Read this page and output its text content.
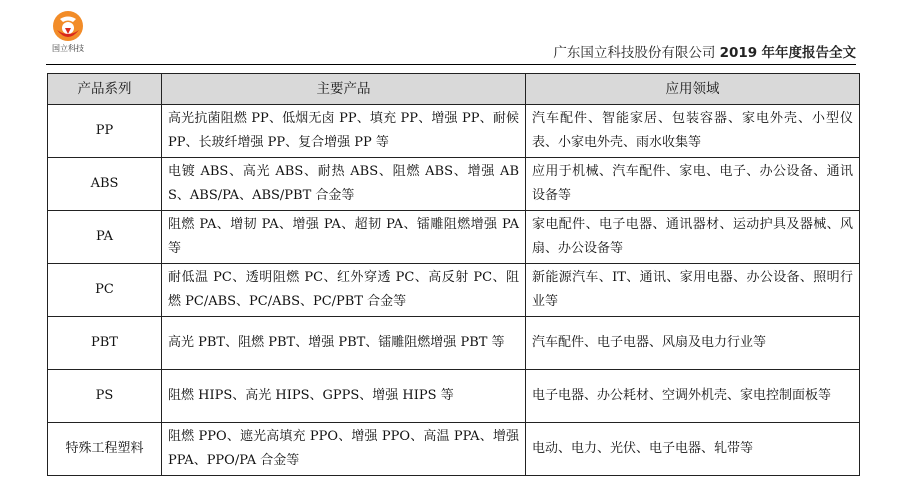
国立科技	广东国立科技股份有限公司 2019 年年度报告全文
产品系列	主要产品	应用领域
PP	高光抗菌阻燃 PP、低烟无卤 PP、填充 PP、增强 PP、耐候 PP、长玻纤增强 PP、复合增强 PP 等	汽车配件、智能家居、包装容器、家电外壳、小型仪表、小家电外壳、雨水收集等
ABS	电镀 ABS、高光 ABS、耐热 ABS、阻燃 ABS、增强 ABS、ABS/PA、ABS/PBT 合金等	应用于机械、汽车配件、家电、电子、办公设备、通讯设备等
PA	阻燃 PA、增韧 PA、增强 PA、超韧 PA、镭雕阻燃增强 PA 等	家电配件、电子电器、通讯器材、运动护具及器械、风扇、办公设备等
PC	耐低温 PC、透明阻燃 PC、红外穿透 PC、高反射 PC、阻燃 PC/ABS、PC/ABS、PC/PBT 合金等	新能源汽车、IT、通讯、家用电器、办公设备、照明行业等
PBT	高光 PBT、阻燃 PBT、增强 PBT、镭雕阻燃增强 PBT 等	汽车配件、电子电器、风扇及电力行业等
PS	阻燃 HIPS、高光 HIPS、GPPS、增强 HIPS 等	电子电器、办公耗材、空调外机壳、家电控制面板等
特殊工程塑料	阻燃 PPO、遮光高填充 PPO、增强 PPO、高温 PPA、增强 PPA、PPO/PA 合金等	电动、电力、光伏、电子电器、轧带等
